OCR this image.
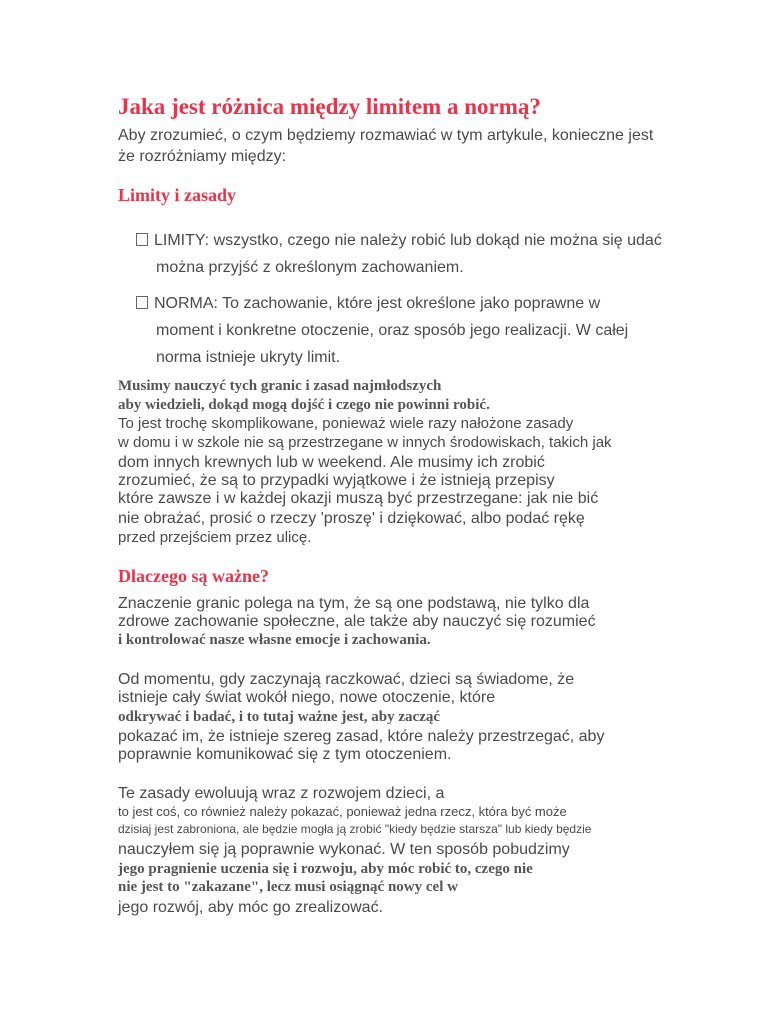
Jaka jest różnica między limitem a normą?

Aby zrozumieć, o czym będziemy rozmawiać w tym artykule, konieczne jest

że rozróżniamy między:

Limity i zasady
LIMITY: wszystko, czego nie należy robić lub dokąd nie można się udać

można przyjść z określonym zachowaniem.

NORMA: To zachowanie, które jest określone jako poprawne w

moment i konkretne otoczenie, oraz sposób jego realizacji. W całej

norma istnieje ukryty limit.

Musimy nauczyć tych granic i zasad najmłodszych

aby wiedzieli, dokąd mogą dojść i czego nie powinni robić.

To jest trochę skomplikowane, ponieważ wiele razy nałożone zasady

w domu i w szkole nie są przestrzegane w innych środowiskach, takich jak

dom innych krewnych lub w weekend. Ale musimy ich zrobić

zrozumieć, że są to przypadki wyjątkowe i że istnieją przepisy

które zawsze i w każdej okazji muszą być przestrzegane: jak nie bić

nie obrażać, prosić o rzeczy 'proszę' i dziękować, albo podać rękę

przed przejściem przez ulicę.

Dlaczego są ważne?

Znaczenie granic polega na tym, że są one podstawą, nie tylko dla

zdrowe zachowanie społeczne, ale także aby nauczyć się rozumieć

i kontrolować nasze własne emocje i zachowania.

Od momentu, gdy zaczynają raczkować, dzieci są świadome, że

istnieje cały świat wokół niego, nowe otoczenie, które

odkrywać i badać, i to tutaj ważne jest, aby zacząć

pokazać im, że istnieje szereg zasad, które należy przestrzegać, aby

poprawnie komunikować się z tym otoczeniem.

Te zasady ewoluują wraz z rozwojem dzieci, a

to jest coś, co również należy pokazać, ponieważ jedna rzecz, która być może

dzisiaj jest zabroniona, ale będzie mogła ją zrobić "kiedy będzie starsza" lub kiedy będzie

nauczyłem się ją poprawnie wykonać. W ten sposób pobudzimy

jego pragnienie uczenia się i rozwoju, aby móc robić to, czego nie

nie jest to "zakazane", lecz musi osiągnąć nowy cel w

jego rozwój, aby móc go zrealizować.
